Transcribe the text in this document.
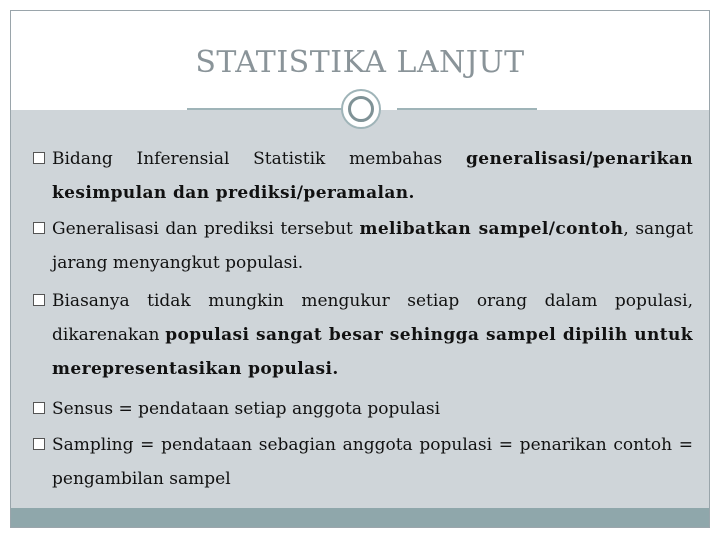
STATISTIKA LANJUT
Bidang Inferensial Statistik membahas generalisasi/penarikan kesimpulan dan prediksi/peramalan.
Generalisasi dan prediksi tersebut melibatkan sampel/contoh, sangat jarang menyangkut populasi.
Biasanya tidak mungkin mengukur setiap orang dalam populasi, dikarenakan populasi sangat besar sehingga sampel dipilih untuk merepresentasikan populasi.
Sensus = pendataan setiap anggota populasi
Sampling = pendataan sebagian anggota populasi = penarikan contoh = pengambilan sampel
